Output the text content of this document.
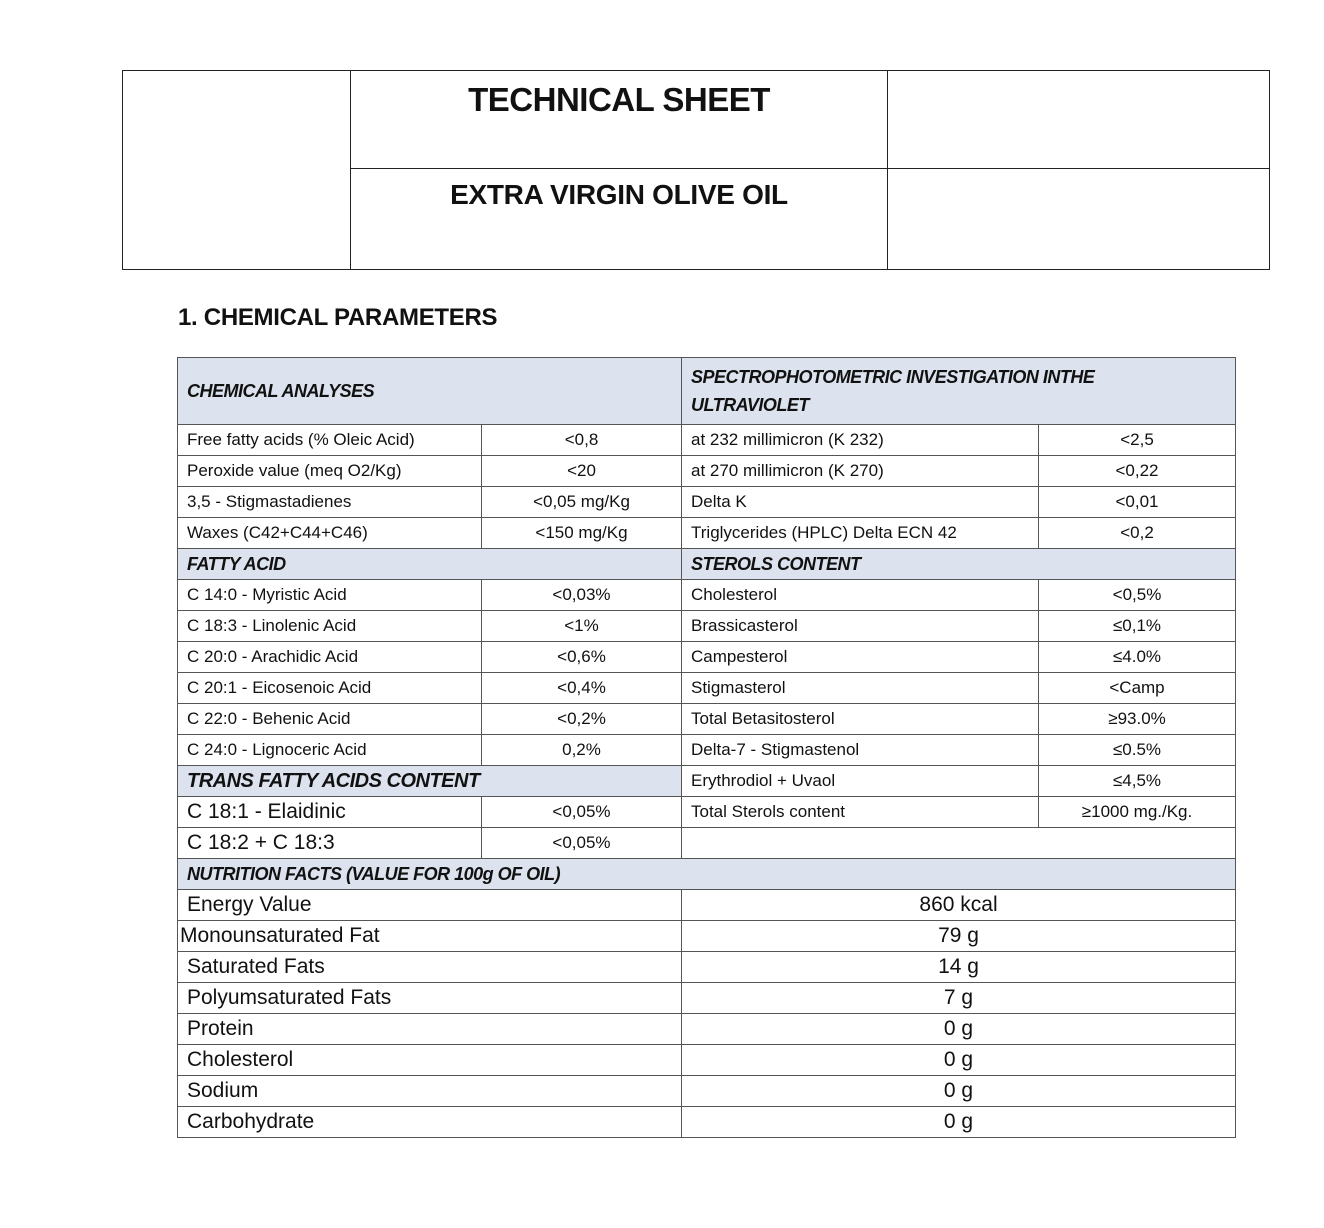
TECHNICAL SHEET
EXTRA VIRGIN OLIVE OIL
1. CHEMICAL PARAMETERS
CHEMICAL ANALYSES		SPECTROPHOTOMETRIC INVESTIGATION INTHE
ULTRAVIOLET	
Free fatty acids (% Oleic Acid)	<0,8	at 232 millimicron (K 232)	<2,5
Peroxide value (meq O2/Kg)	<20	at 270 millimicron (K 270)	<0,22
3,5 - Stigmastadienes	<0,05 mg/Kg	Delta K	<0,01
Waxes (C42+C44+C46)	<150 mg/Kg	Triglycerides (HPLC) Delta ECN 42	<0,2
FATTY ACID		STEROLS CONTENT	
C 14:0 - Myristic Acid	<0,03%	Cholesterol	<0,5%
C 18:3 - Linolenic Acid	<1%	Brassicasterol	≤0,1%
C 20:0 - Arachidic Acid	<0,6%	Campesterol	≤4.0%
C 20:1 - Eicosenoic Acid	<0,4%	Stigmasterol	<Camp
C 22:0 - Behenic Acid	<0,2%	Total Betasitosterol	≥93.0%
C 24:0 - Lignoceric Acid	0,2%	Delta-7 - Stigmastenol	≤0.5%
TRANS FATTY ACIDS CONTENT		Erythrodiol + Uvaol	≤4,5%
C 18:1 - Elaidinic	<0,05%	Total Sterols content	≥1000 mg./Kg.
C 18:2 + C 18:3	<0,05%		
NUTRITION FACTS (VALUE FOR 100g OF OIL)			
Energy Value		860 kcal	
Monounsaturated Fat		79 g	
Saturated Fats		14 g	
Polyumsaturated Fats		7 g	
Protein		0 g	
Cholesterol		0 g	
Sodium		0 g	
Carbohydrate		0 g	
